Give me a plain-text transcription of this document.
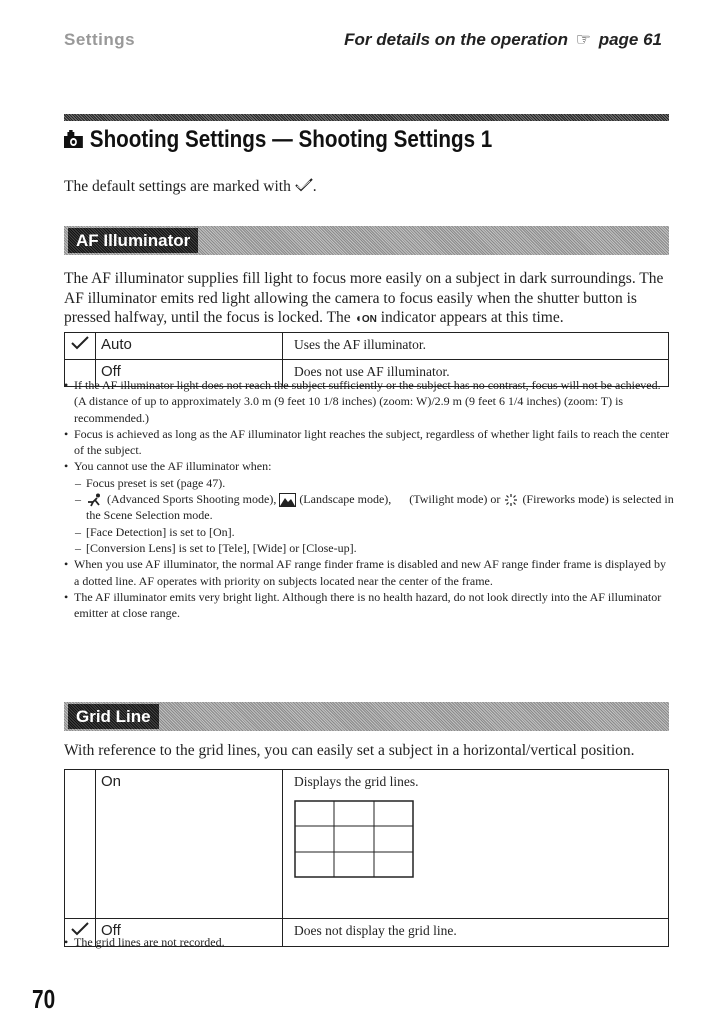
Settings	For details on the operation ☞ page 61
Shooting Settings — Shooting Settings 1
The default settings are marked with .
AF Illuminator

The AF illuminator supplies fill light to focus more easily on a subject in dark surroundings. The AF illuminator emits red light allowing the camera to focus easily when the shutter button is pressed halfway, until the focus is locked. The ◖ON indicator appears at this time.

	Auto	Uses the AF illuminator.
	Off	Does not use AF illuminator.
• If the AF illuminator light does not reach the subject sufficiently or the subject has no contrast, focus will not be achieved. (A distance of up to approximately 3.0 m (9 feet 10 1/8 inches) (zoom: W)/2.9 m (9 feet 6 1/4 inches) (zoom: T) is recommended.)
• Focus is achieved as long as the AF illuminator light reaches the subject, regardless of whether light fails to reach the center of the subject.
• You cannot use the AF illuminator when:
– Focus preset is set (page 47).
– (Advanced Sports Shooting mode), (Landscape mode), (Twilight mode) or (Fireworks mode) is selected in the Scene Selection mode.
– [Face Detection] is set to [On].
– [Conversion Lens] is set to [Tele], [Wide] or [Close-up].
• When you use AF illuminator, the normal AF range finder frame is disabled and new AF range finder frame is displayed by a dotted line. AF operates with priority on subjects located near the center of the frame.
• The AF illuminator emits very bright light. Although there is no health hazard, do not look directly into the AF illuminator emitter at close range.
Grid Line

With reference to the grid lines, you can easily set a subject in a horizontal/vertical position.

	On	Displays the grid lines.

	Off	Does not display the grid line.
• The grid lines are not recorded.
70
